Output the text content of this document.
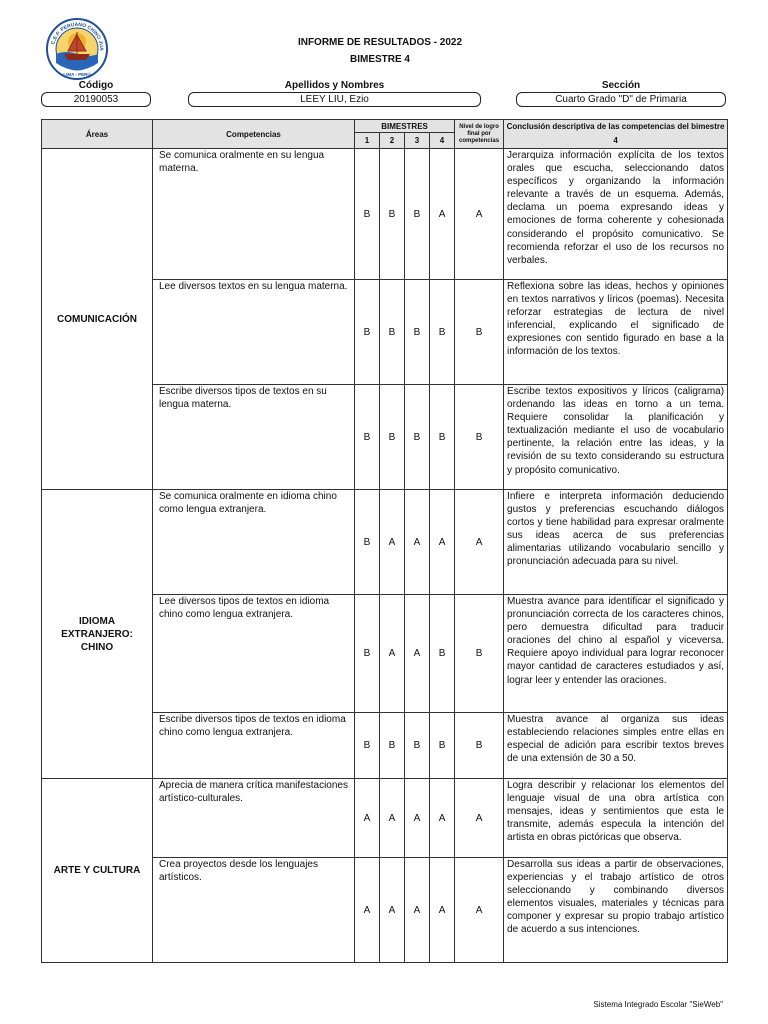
C.E.P. PERUANO CHINO JUA
LIMA - PERÚ
INFORME DE RESULTADOS - 2022
BIMESTRE 4
Código
20190053
Apellidos y Nombres
LEEY LIU, Ezio
Sección
Cuarto Grado "D" de Primaria
Áreas	Competencias	BIMESTRES				Nivel de logro final por competencias	Conclusión descriptiva de las competencias del bimestre 4
		1	2	3	4		
COMUNICACIÓN	Se comunica oralmente en su lengua materna.	B	B	B	A	A	Jerarquiza información explícita de los textos orales que escucha, seleccionando datos específicos y organizando la información relevante a través de un esquema. Además, declama un poema expresando ideas y emociones de forma coherente y cohesionada considerando el propósito comunicativo. Se recomienda reforzar el uso de los recursos no verbales.
	Lee diversos textos en su lengua materna.	B	B	B	B	B	Reflexiona sobre las ideas, hechos y opiniones en textos narrativos y líricos (poemas). Necesita reforzar estrategias de lectura de nivel inferencial, explicando el significado de expresiones con sentido figurado en base a la información de los textos.
	Escribe diversos tipos de textos en su lengua materna.	B	B	B	B	B	Escribe textos expositivos y líricos (caligrama) ordenando las ideas en torno a un tema. Requiere consolidar la planificación y textualización mediante el uso de vocabulario pertinente, la relación entre las ideas, y la revisión de su texto considerando su estructura y propósito comunicativo.
IDIOMA EXTRANJERO: CHINO	Se comunica oralmente en idioma chino como lengua extranjera.	B	A	A	A	A	Infiere e interpreta información deduciendo gustos y preferencias escuchando diálogos cortos y tiene habilidad para expresar oralmente sus ideas acerca de sus preferencias alimentarias utilizando vocabulario sencillo y pronunciación adecuada para su nivel.
	Lee diversos tipos de textos en idioma chino como lengua extranjera.	B	A	A	B	B	Muestra avance para identificar el significado y pronunciación correcta de los caracteres chinos, pero demuestra dificultad para traducir oraciones del chino al español y viceversa. Requiere apoyo individual para lograr reconocer mayor cantidad de caracteres estudiados y así, lograr leer y entender las oraciones.
	Escribe diversos tipos de textos en idioma chino como lengua extranjera.	B	B	B	B	B	Muestra avance al organiza sus ideas estableciendo relaciones simples entre ellas en especial de adición para escribir textos breves de una extensión de 30 a 50.
ARTE Y CULTURA	Aprecia de manera crítica manifestaciones artístico-culturales.	A	A	A	A	A	Logra describir y relacionar los elementos del lenguaje visual de una obra artística con mensajes, ideas y sentimientos que esta le transmite, además especula la intención del artista en obras pictóricas que observa.
	Crea proyectos desde los lenguajes artísticos.	A	A	A	A	A	Desarrolla sus ideas a partir de observaciones, experiencias y el trabajo artístico de otros seleccionando y combinando diversos elementos visuales, materiales y técnicas para componer y expresar su propio trabajo artístico de acuerdo a sus intenciones.
Sistema Integrado Escolar "SieWeb"
